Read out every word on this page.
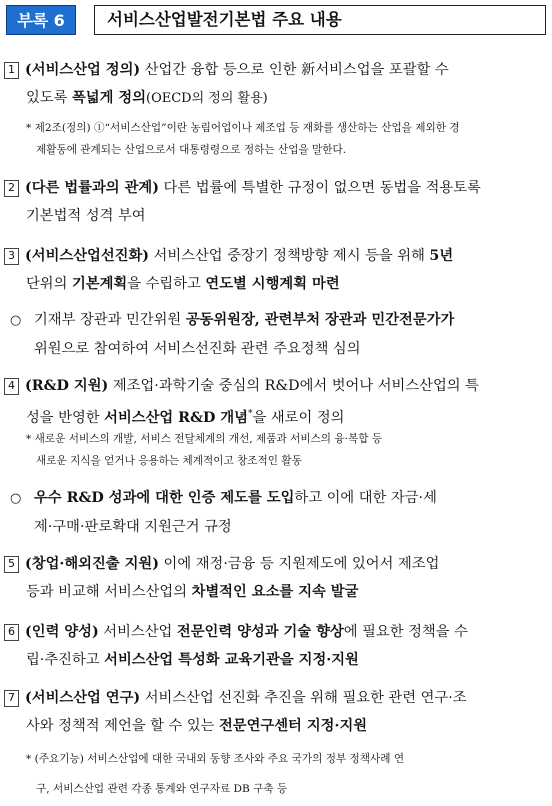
부록 6	서비스산업발전기본법 주요 내용

1 (서비스산업 정의) 산업간 융합 등으로 인한 新서비스업을 포괄할 수

있도록 폭넓게 정의(OECD의 정의 활용)

* 제2조(정의) ①“서비스산업”이란 농림어업이나 제조업 등 재화를 생산하는 산업을 제외한 경

제활동에 관계되는 산업으로서 대통령령으로 정하는 산업을 말한다.

2 (다른 법률과의 관계) 다른 법률에 특별한 규정이 없으면 동법을 적용토록

기본법적 성격 부여

3 (서비스산업선진화) 서비스산업 중장기 정책방향 제시 등을 위해 5년

단위의 기본계획을 수립하고 연도별 시행계획 마련

○ 기재부 장관과 민간위원 공동위원장, 관련부처 장관과 민간전문가가

위원으로 참여하여 서비스선진화 관련 주요정책 심의

4 (R&D 지원) 제조업·과학기술 중심의 R&D에서 벗어나 서비스산업의 특

성을 반영한 서비스산업 R&D 개념*을 새로이 정의

* 새로운 서비스의 개발, 서비스 전달체계의 개선, 제품과 서비스의 융·복합 등

새로운 지식을 얻거나 응용하는 체계적이고 창조적인 활동

○ 우수 R&D 성과에 대한 인증 제도를 도입하고 이에 대한 자금·세

제·구매·판로확대 지원근거 규정

5 (창업·해외진출 지원) 이에 재정·금융 등 지원제도에 있어서 제조업

등과 비교해 서비스산업의 차별적인 요소를 지속 발굴

6 (인력 양성) 서비스산업 전문인력 양성과 기술 향상에 필요한 정책을 수

립·추진하고 서비스산업 특성화 교육기관을 지정·지원

7 (서비스산업 연구) 서비스산업 선진화 추진을 위해 필요한 관련 연구·조

사와 정책적 제언을 할 수 있는 전문연구센터 지정·지원

* (주요기능) 서비스산업에 대한 국내외 동향 조사와 주요 국가의 정부 정책사례 연

구, 서비스산업 관련 각종 통계와 연구자료 DB 구축 등
